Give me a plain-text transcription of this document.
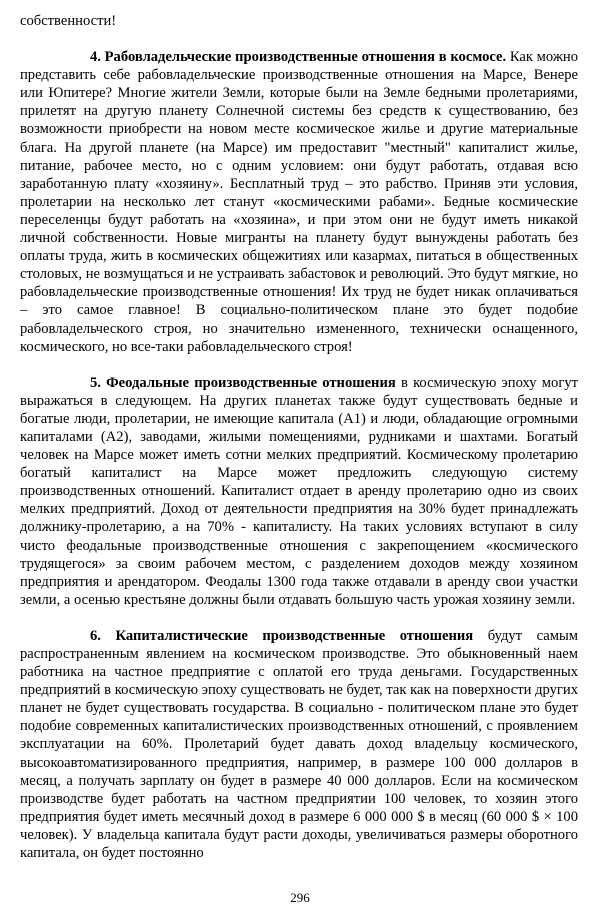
собственности!

4. Рабовладельческие производственные отношения в космосе. Как можно представить себе рабовладельческие производственные отношения на Марсе, Венере или Юпитере? Многие жители Земли, которые были на Земле бедными пролетариями, прилетят на другую планету Солнечной системы без средств к существованию, без возможности приобрести на новом месте космическое жилье и другие материальные блага. На другой планете (на Марсе) им предоставит "местный" капиталист жилье, питание, рабочее место, но с одним условием: они будут работать, отдавая всю заработанную плату «хозяину». Бесплатный труд – это рабство. Приняв эти условия, пролетарии на несколько лет станут «космическими рабами». Бедные космические переселенцы будут работать на «хозяина», и при этом они не будут иметь никакой личной собственности. Новые мигранты на планету будут вынуждены работать без оплаты труда, жить в космических общежитиях или казармах, питаться в общественных столовых, не возмущаться и не устраивать забастовок и революций. Это будут мягкие, но рабовладельческие производственные отношения! Их труд не будет никак оплачиваться – это самое главное! В социально-политическом плане это будет подобие рабовладельческого строя, но значительно измененного, технически оснащенного, космического, но все-таки рабовладельческого строя!

5. Феодальные производственные отношения в космическую эпоху могут выражаться в следующем. На других планетах также будут существовать бедные и богатые люди, пролетарии, не имеющие капитала (A1) и люди, обладающие огромными капиталами (A2), заводами, жилыми помещениями, рудниками и шахтами. Богатый человек на Марсе может иметь сотни мелких предприятий. Космическому пролетарию богатый капиталист на Марсе может предложить следующую систему производственных отношений. Капиталист отдает в аренду пролетарию одно из своих мелких предприятий. Доход от деятельности предприятия на 30% будет принадлежать должнику-пролетарию, а на 70% - капиталисту. На таких условиях вступают в силу чисто феодальные производственные отношения с закрепощением «космического трудящегося» за своим рабочем местом, с разделением доходов между хозяином предприятия и арендатором. Феодалы 1300 года также отдавали в аренду свои участки земли, а осенью крестьяне должны были отдавать большую часть урожая хозяину земли.

6. Капиталистические производственные отношения будут самым распространенным явлением на космическом производстве. Это обыкновенный наем работника на частное предприятие с оплатой его труда деньгами. Государственных предприятий в космическую эпоху существовать не будет, так как на поверхности других планет не будет существовать государства. В социально - политическом плане это будет подобие современных капиталистических производственных отношений, с проявлением эксплуатации на 60%. Пролетарий будет давать доход владельцу космического, высокоавтоматизированного предприятия, например, в размере 100 000 долларов в месяц, а получать зарплату он будет в размере 40 000 долларов. Если на космическом производстве будет работать на частном предприятии 100 человек, то хозяин этого предприятия будет иметь месячный доход в размере 6 000 000 $ в месяц (60 000 $ × 100 человек). У владельца капитала будут расти доходы, увеличиваться размеры оборотного капитала, он будет постоянно

296
